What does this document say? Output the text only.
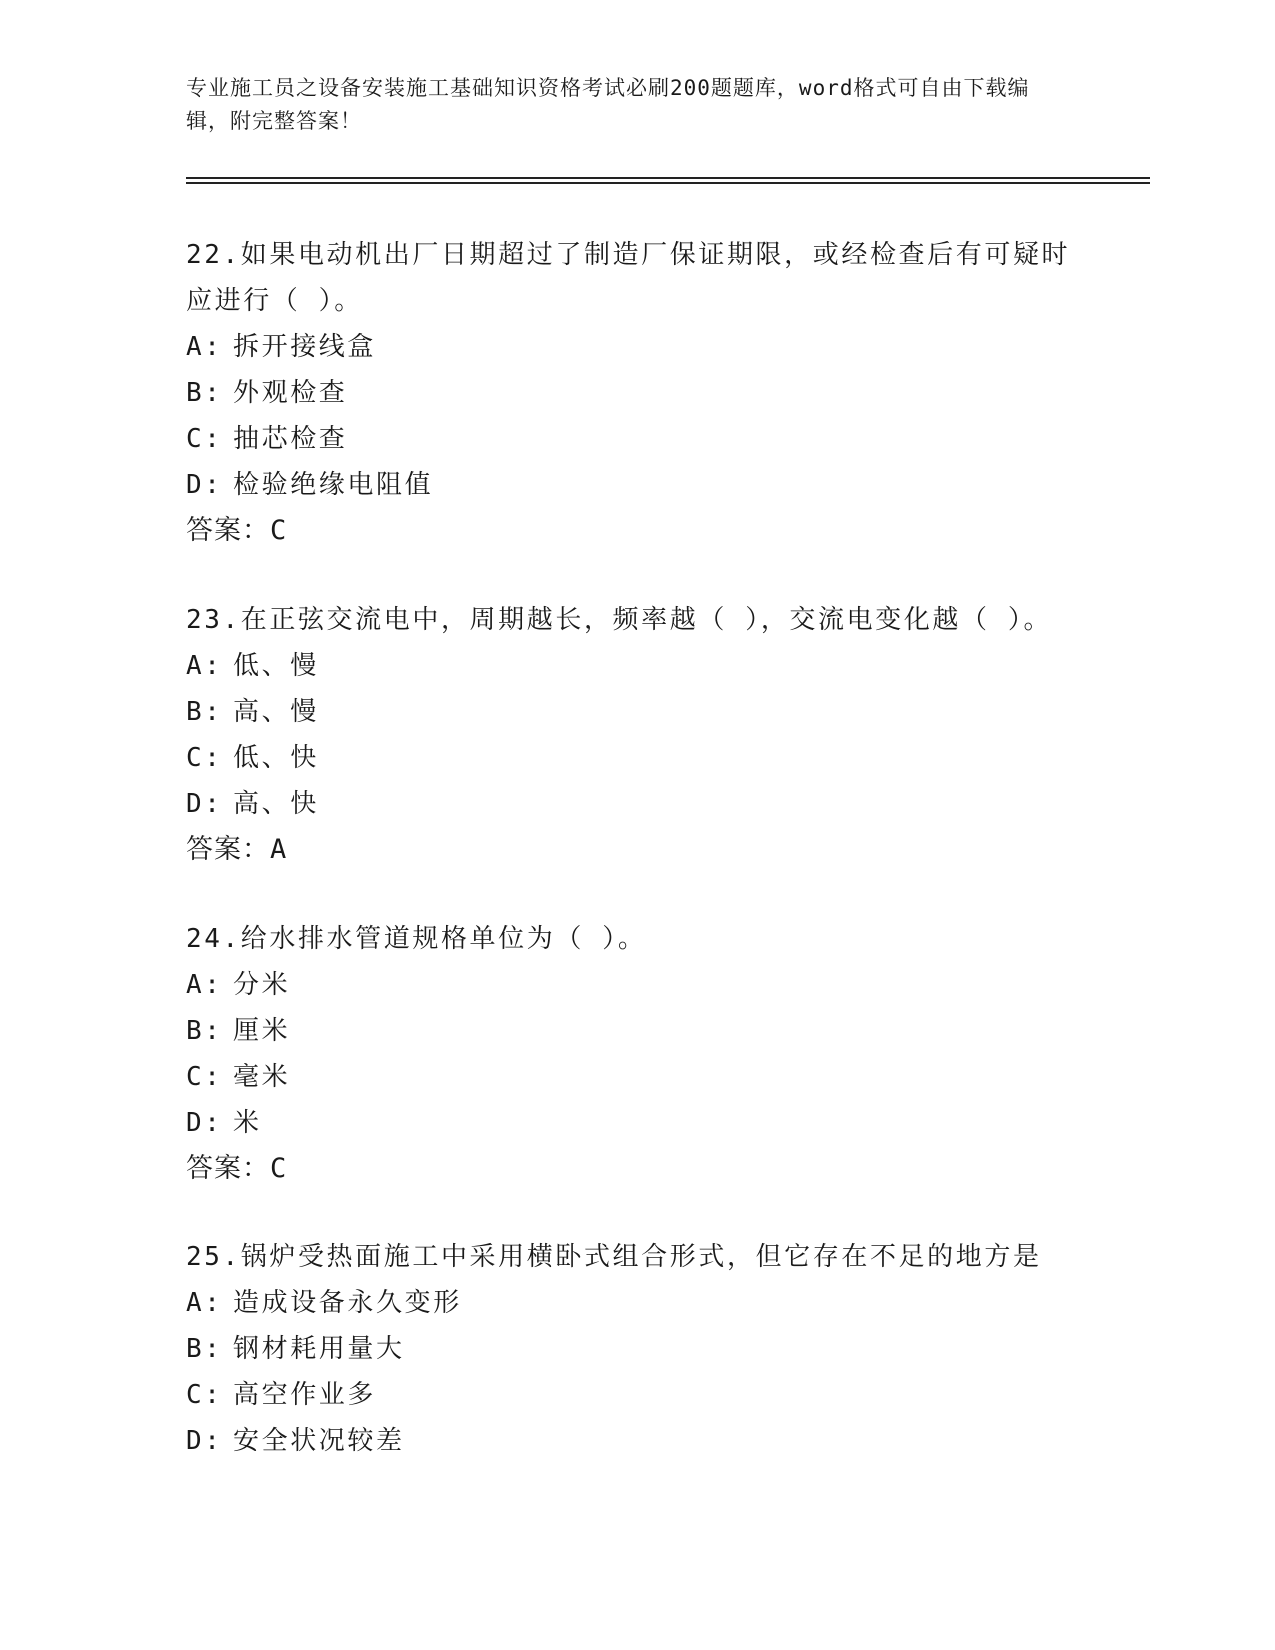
专业施工员之设备安装施工基础知识资格考试必刷200题题库，word格式可自由下载编辑，附完整答案！

22.如果电动机出厂日期超过了制造厂保证期限，或经检查后有可疑时应进行（ ）。

A: 拆开接线盒

B: 外观检查

C: 抽芯检查

D: 检验绝缘电阻值

答案：C

23.在正弦交流电中，周期越长，频率越（ ），交流电变化越（ ）。

A: 低、慢

B: 高、慢

C: 低、快

D: 高、快

答案：A

24.给水排水管道规格单位为（ ）。

A: 分米

B: 厘米

C: 毫米

D: 米

答案：C

25.锅炉受热面施工中采用横卧式组合形式，但它存在不足的地方是

A: 造成设备永久变形

B: 钢材耗用量大

C: 高空作业多

D: 安全状况较差
